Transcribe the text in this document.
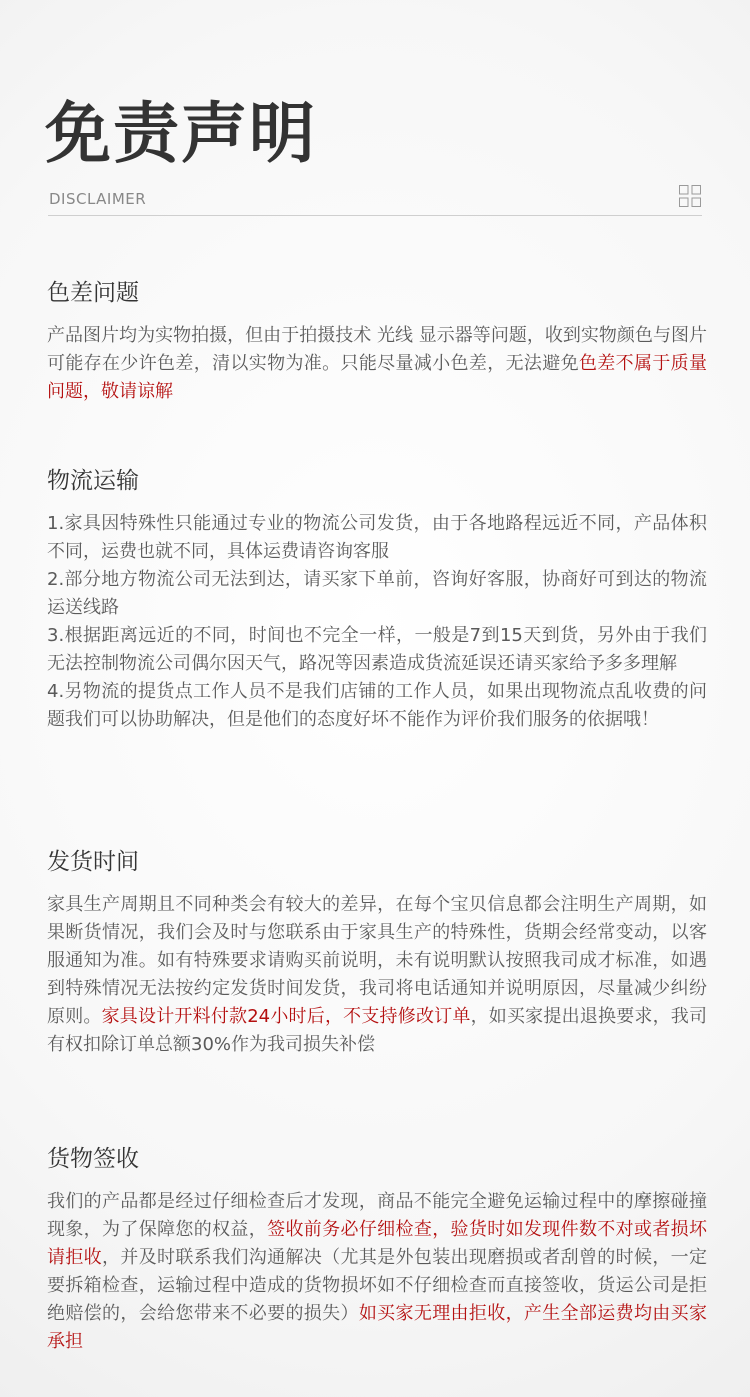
免责声明
DISCLAIMER
色差问题

产品图片均为实物拍摄，但由于拍摄技术 光线 显示器等问题，收到实物颜色与图片可能存在少许色差，清以实物为准。只能尽量减小色差，无法避免色差不属于质量问题，敬请谅解

物流运输

1.家具因特殊性只能通过专业的物流公司发货，由于各地路程远近不同，产品体积不同，运费也就不同，具体运费请咨询客服

2.部分地方物流公司无法到达，请买家下单前，咨询好客服，协商好可到达的物流运送线路

3.根据距离远近的不同，时间也不完全一样，一般是7到15天到货，另外由于我们无法控制物流公司偶尔因天气，路况等因素造成货流延误还请买家给予多多理解

4.另物流的提货点工作人员不是我们店铺的工作人员，如果出现物流点乱收费的问题我们可以协助解决，但是他们的态度好坏不能作为评价我们服务的依据哦！

发货时间

家具生产周期且不同种类会有较大的差异，在每个宝贝信息都会注明生产周期，如果断货情况，我们会及时与您联系由于家具生产的特殊性，货期会经常变动，以客服通知为准。如有特殊要求请购买前说明，未有说明默认按照我司成才标准，如遇到特殊情况无法按约定发货时间发货，我司将电话通知并说明原因，尽量减少纠纷原则。家具设计开料付款24小时后，不支持修改订单，如买家提出退换要求，我司有权扣除订单总额30%作为我司损失补偿

货物签收

我们的产品都是经过仔细检查后才发现，商品不能完全避免运输过程中的摩擦碰撞现象，为了保障您的权益，签收前务必仔细检查，验货时如发现件数不对或者损坏请拒收，并及时联系我们沟通解决（尤其是外包装出现磨损或者刮曾的时候，一定要拆箱检查，运输过程中造成的货物损坏如不仔细检查而直接签收，货运公司是拒绝赔偿的，会给您带来不必要的损失）如买家无理由拒收，产生全部运费均由买家承担
